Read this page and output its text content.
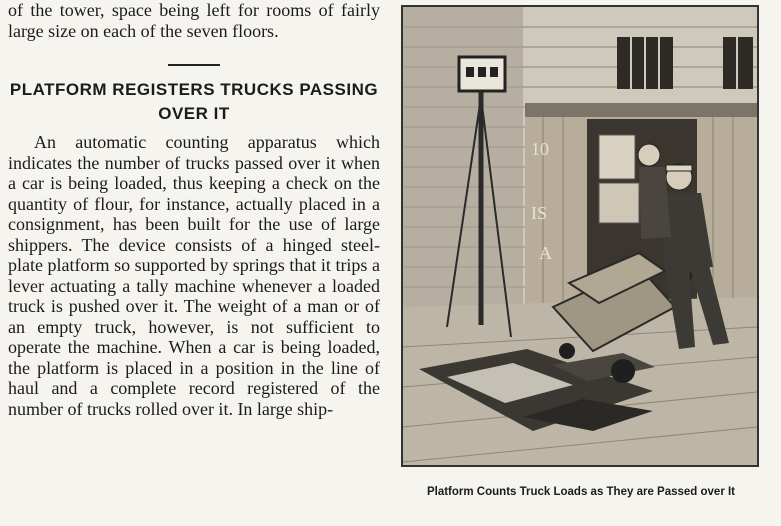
of the tower, space being left for rooms of fairly large size on each of the seven floors.

PLATFORM REGISTERS TRUCKS PASSING OVER IT

An automatic counting apparatus which indicates the number of trucks passed over it when a car is being loaded, thus keeping a check on the quantity of flour, for instance, actually placed in a consignment, has been built for the use of large shippers. The device consists of a hinged steel-plate platform so supported by springs that it trips a lever actuating a tally machine whenever a loaded truck is pushed over it. The weight of a man or of an empty truck, however, is not sufficient to operate the machine. When a car is being loaded, the platform is placed in a position in the line of haul and a complete record registered of the number of trucks rolled over it. In large ship-

10
IS
A
Platform Counts Truck Loads as They are Passed over It
